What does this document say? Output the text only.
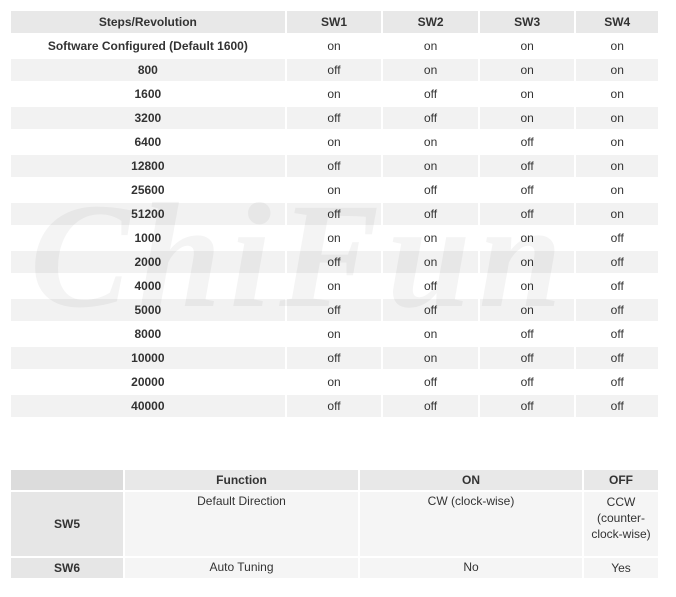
Steps/Revolution	SW1	SW2	SW3	SW4
Software Configured (Default 1600)	on	on	on	on
800	off	on	on	on
1600	on	off	on	on
3200	off	off	on	on
6400	on	on	off	on
12800	off	on	off	on
25600	on	off	off	on
51200	off	off	off	on
1000	on	on	on	off
2000	off	on	on	off
4000	on	off	on	off
5000	off	off	on	off
8000	on	on	off	off
10000	off	on	off	off
20000	on	off	off	off
40000	off	off	off	off
	Function	ON	OFF
SW5	Default Direction	CW (clock-wise)	CCW (counter-clock-wise)
SW6	Auto Tuning	No	Yes
